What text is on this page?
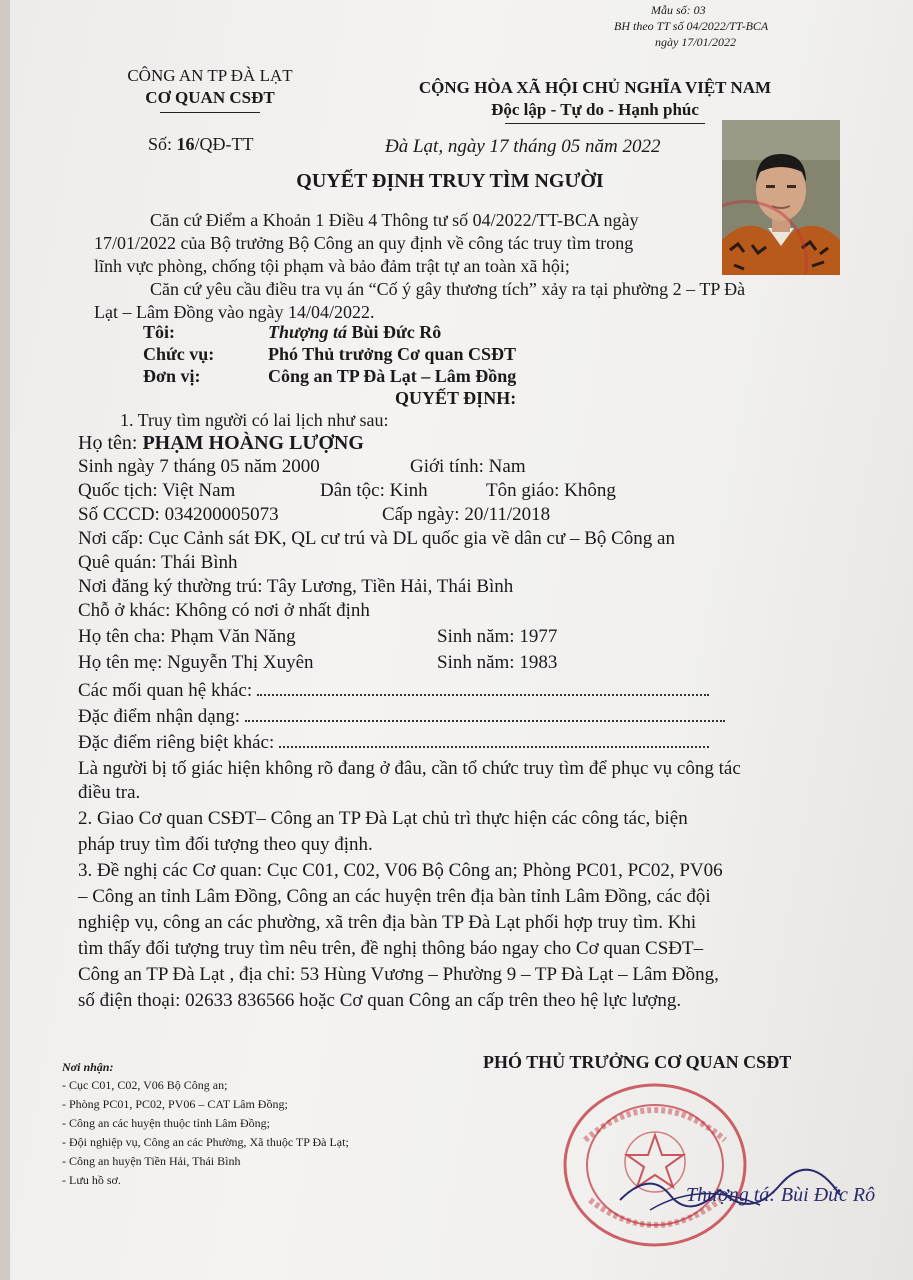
Mẫu số: 03
BH theo TT số 04/2022/TT-BCA
ngày 17/01/2022
CÔNG AN TP ĐÀ LẠT
CƠ QUAN CSĐT
Số: 16/QĐ-TT
CỘNG HÒA XÃ HỘI CHỦ NGHĨA VIỆT NAM
Độc lập - Tự do - Hạnh phúc
Đà Lạt, ngày 17 tháng 05 năm 2022
QUYẾT ĐỊNH TRUY TÌM NGƯỜI
Căn cứ Điểm a Khoản 1 Điều 4 Thông tư số 04/2022/TT-BCA ngày
17/01/2022 của Bộ trưởng Bộ Công an quy định về công tác truy tìm trong
lĩnh vực phòng, chống tội phạm và bảo đảm trật tự an toàn xã hội;
Căn cứ yêu cầu điều tra vụ án “Cố ý gây thương tích” xảy ra tại phường 2 – TP Đà
Lạt – Lâm Đồng vào ngày 14/04/2022.
Tôi:	Thượng tá Bùi Đức Rô
Chức vụ:	Phó Thủ trưởng Cơ quan CSĐT
Đơn vị:	Công an TP Đà Lạt – Lâm Đồng
QUYẾT ĐỊNH:
1. Truy tìm người có lai lịch như sau:
Họ tên: PHẠM HOÀNG LƯỢNG
Sinh ngày 7 tháng 05 năm 2000	Giới tính: Nam
Quốc tịch: Việt Nam	Dân tộc: Kinh	Tôn giáo: Không
Số CCCD: 034200005073	Cấp ngày: 20/11/2018
Nơi cấp: Cục Cảnh sát ĐK, QL cư trú và DL quốc gia về dân cư – Bộ Công an
Quê quán: Thái Bình
Nơi đăng ký thường trú: Tây Lương, Tiền Hải, Thái Bình
Chỗ ở khác: Không có nơi ở nhất định
Họ tên cha: Phạm Văn Năng	Sinh năm: 1977
Họ tên mẹ: Nguyễn Thị Xuyên	Sinh năm: 1983
Các mối quan hệ khác:
Đặc điểm nhận dạng:
Đặc điểm riêng biệt khác:
Là người bị tố giác hiện không rõ đang ở đâu, cần tổ chức truy tìm để phục vụ công tác
điều tra.
2. Giao Cơ quan CSĐT– Công an TP Đà Lạt chủ trì thực hiện các công tác, biện
pháp truy tìm đối tượng theo quy định.
3. Đề nghị các Cơ quan: Cục C01, C02, V06 Bộ Công an; Phòng PC01, PC02, PV06
– Công an tỉnh Lâm Đồng, Công an các huyện trên địa bàn tỉnh Lâm Đồng, các đội
nghiệp vụ, công an các phường, xã trên địa bàn TP Đà Lạt phối hợp truy tìm. Khi
tìm thấy đối tượng truy tìm nêu trên, đề nghị thông báo ngay cho Cơ quan CSĐT–
Công an TP Đà Lạt , địa chỉ: 53 Hùng Vương – Phường 9 – TP Đà Lạt – Lâm Đồng,
số điện thoại: 02633 836566 hoặc Cơ quan Công an cấp trên theo hệ lực lượng.
Nơi nhận:
- Cục C01, C02, V06 Bộ Công an;
- Phòng PC01, PC02, PV06 – CAT Lâm Đồng;
- Công an các huyện thuộc tỉnh Lâm Đồng;
- Đội nghiệp vụ, Công an các Phường, Xã thuộc TP Đà Lạt;
- Công an huyện Tiền Hải, Thái Bình
- Lưu hồ sơ.
PHÓ THỦ TRƯỞNG CƠ QUAN CSĐT
Thượng tá: Bùi Đức Rô
